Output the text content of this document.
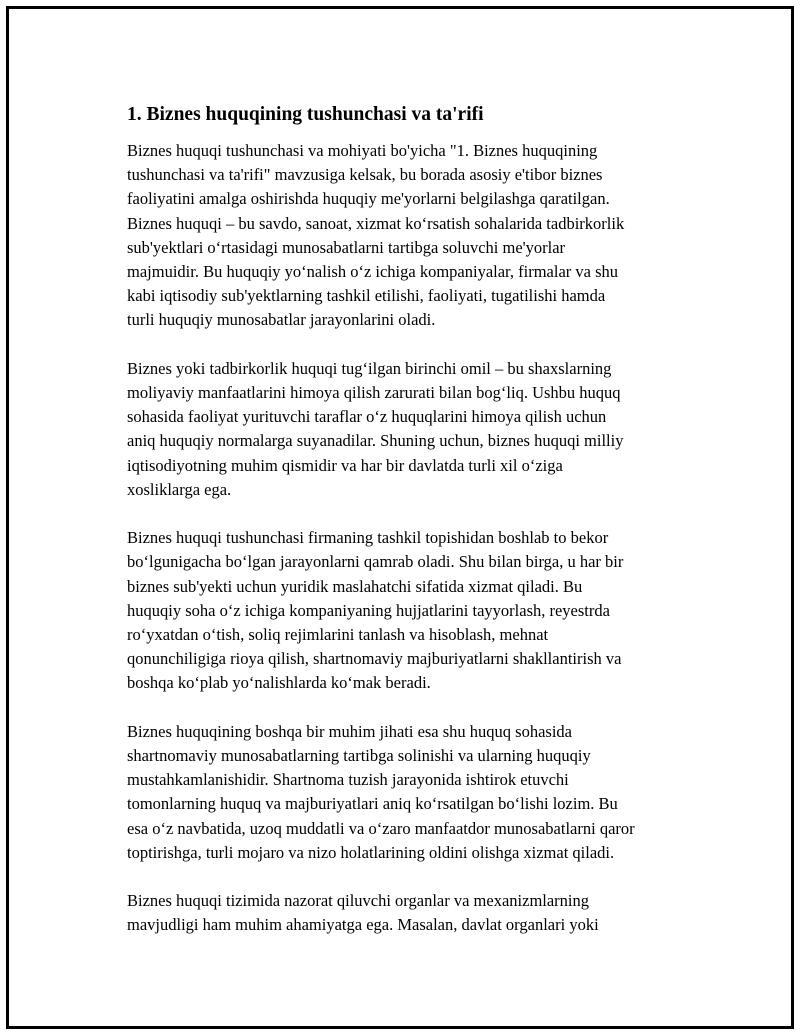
1. Biznes huquqining tushunchasi va ta'rifi

Biznes huquqi tushunchasi va mohiyati bo'yicha "1. Biznes huquqining
tushunchasi va ta'rifi" mavzusiga kelsak, bu borada asosiy e'tibor biznes
faoliyatini amalga oshirishda huquqiy me'yorlarni belgilashga qaratilgan.
Biznes huquqi – bu savdo, sanoat, xizmat ko‘rsatish sohalarida tadbirkorlik
sub'yektlari o‘rtasidagi munosabatlarni tartibga soluvchi me'yorlar
majmuidir. Bu huquqiy yo‘nalish o‘z ichiga kompaniyalar, firmalar va shu
kabi iqtisodiy sub'yektlarning tashkil etilishi, faoliyati, tugatilishi hamda
turli huquqiy munosabatlar jarayonlarini oladi.

Biznes yoki tadbirkorlik huquqi tug‘ilgan birinchi omil – bu shaxslarning
moliyaviy manfaatlarini himoya qilish zarurati bilan bog‘liq. Ushbu huquq
sohasida faoliyat yurituvchi taraflar o‘z huquqlarini himoya qilish uchun
aniq huquqiy normalarga suyanadilar. Shuning uchun, biznes huquqi milliy
iqtisodiyotning muhim qismidir va har bir davlatda turli xil o‘ziga
xosliklarga ega.

Biznes huquqi tushunchasi firmaning tashkil topishidan boshlab to bekor
bo‘lgunigacha bo‘lgan jarayonlarni qamrab oladi. Shu bilan birga, u har bir
biznes sub'yekti uchun yuridik maslahatchi sifatida xizmat qiladi. Bu
huquqiy soha o‘z ichiga kompaniyaning hujjatlarini tayyorlash, reyestrda
ro‘yxatdan o‘tish, soliq rejimlarini tanlash va hisoblash, mehnat
qonunchiligiga rioya qilish, shartnomaviy majburiyatlarni shakllantirish va
boshqa ko‘plab yo‘nalishlarda ko‘mak beradi.

Biznes huquqining boshqa bir muhim jihati esa shu huquq sohasida
shartnomaviy munosabatlarning tartibga solinishi va ularning huquqiy
mustahkamlanishidir. Shartnoma tuzish jarayonida ishtirok etuvchi
tomonlarning huquq va majburiyatlari aniq ko‘rsatilgan bo‘lishi lozim. Bu
esa o‘z navbatida, uzoq muddatli va o‘zaro manfaatdor munosabatlarni qaror
toptirishga, turli mojaro va nizo holatlarining oldini olishga xizmat qiladi.

Biznes huquqi tizimida nazorat qiluvchi organlar va mexanizmlarning
mavjudligi ham muhim ahamiyatga ega. Masalan, davlat organlari yoki
